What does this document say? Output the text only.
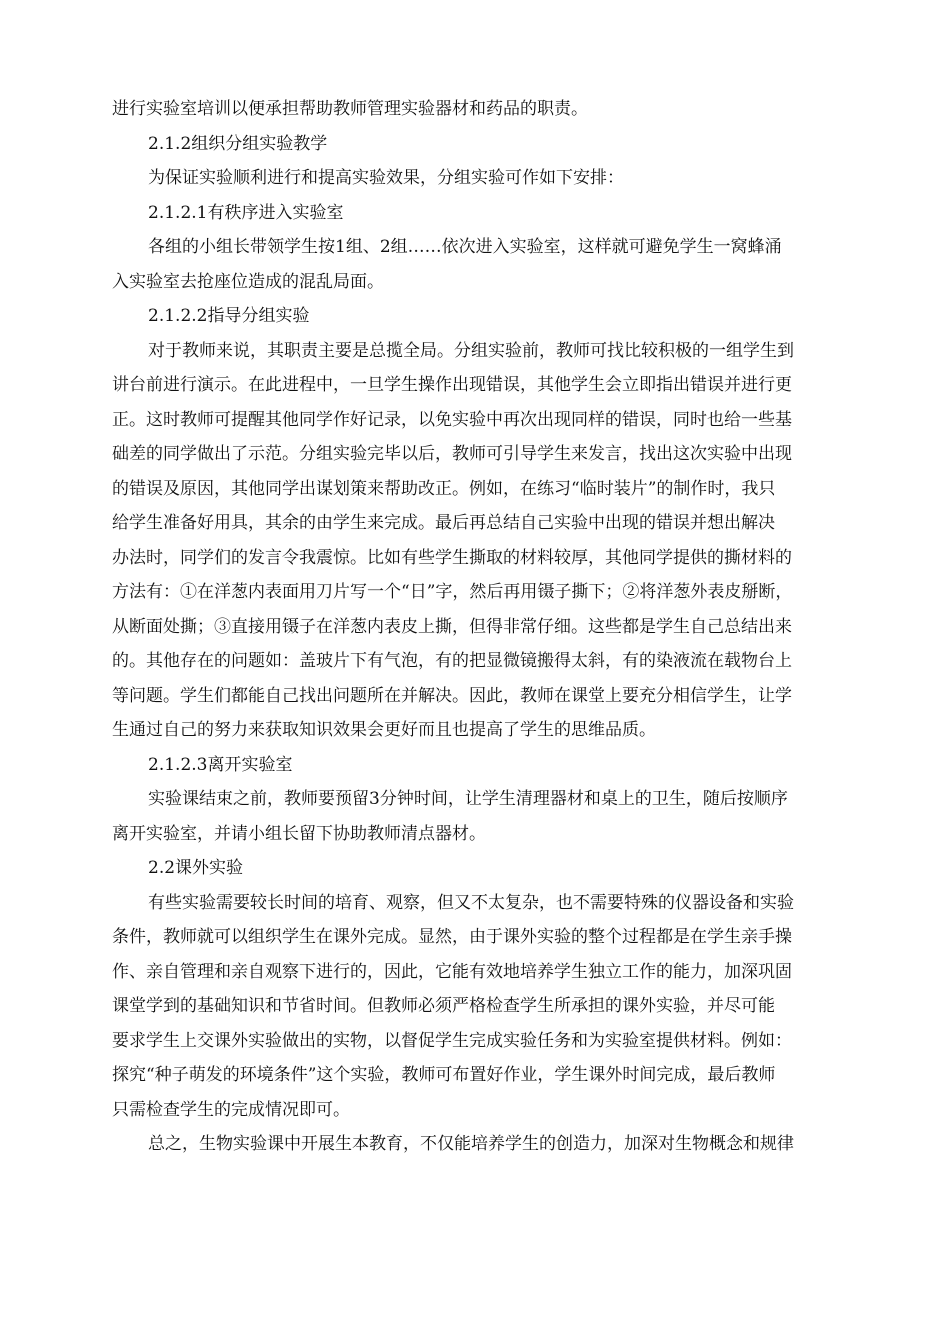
进行实验室培训以便承担帮助教师管理实验器材和药品的职责。
2.1.2组织分组实验教学
为保证实验顺利进行和提高实验效果，分组实验可作如下安排：
2.1.2.1有秩序进入实验室
各组的小组长带领学生按1组、2组……依次进入实验室，这样就可避免学生一窝蜂涌
入实验室去抢座位造成的混乱局面。
2.1.2.2指导分组实验
对于教师来说，其职责主要是总揽全局。分组实验前，教师可找比较积极的一组学生到
讲台前进行演示。在此进程中，一旦学生操作出现错误，其他学生会立即指出错误并进行更
正。这时教师可提醒其他同学作好记录，以免实验中再次出现同样的错误，同时也给一些基
础差的同学做出了示范。分组实验完毕以后，教师可引导学生来发言，找出这次实验中出现
的错误及原因，其他同学出谋划策来帮助改正。例如，在练习“临时装片”的制作时，我只
给学生准备好用具，其余的由学生来完成。最后再总结自己实验中出现的错误并想出解决
办法时，同学们的发言令我震惊。比如有些学生撕取的材料较厚，其他同学提供的撕材料的
方法有：①在洋葱内表面用刀片写一个“日”字，然后再用镊子撕下；②将洋葱外表皮掰断，
从断面处撕；③直接用镊子在洋葱内表皮上撕，但得非常仔细。这些都是学生自己总结出来
的。其他存在的问题如：盖玻片下有气泡，有的把显微镜搬得太斜，有的染液流在载物台上
等问题。学生们都能自己找出问题所在并解决。因此，教师在课堂上要充分相信学生，让学
生通过自己的努力来获取知识效果会更好而且也提高了学生的思维品质。
2.1.2.3离开实验室
实验课结束之前，教师要预留3分钟时间，让学生清理器材和桌上的卫生，随后按顺序
离开实验室，并请小组长留下协助教师清点器材。
2.2课外实验
有些实验需要较长时间的培育、观察，但又不太复杂，也不需要特殊的仪器设备和实验
条件，教师就可以组织学生在课外完成。显然，由于课外实验的整个过程都是在学生亲手操
作、亲自管理和亲自观察下进行的，因此，它能有效地培养学生独立工作的能力，加深巩固
课堂学到的基础知识和节省时间。但教师必须严格检查学生所承担的课外实验，并尽可能
要求学生上交课外实验做出的实物，以督促学生完成实验任务和为实验室提供材料。例如：
探究“种子萌发的环境条件”这个实验，教师可布置好作业，学生课外时间完成，最后教师
只需检查学生的完成情况即可。
总之，生物实验课中开展生本教育，不仅能培养学生的创造力，加深对生物概念和规律
